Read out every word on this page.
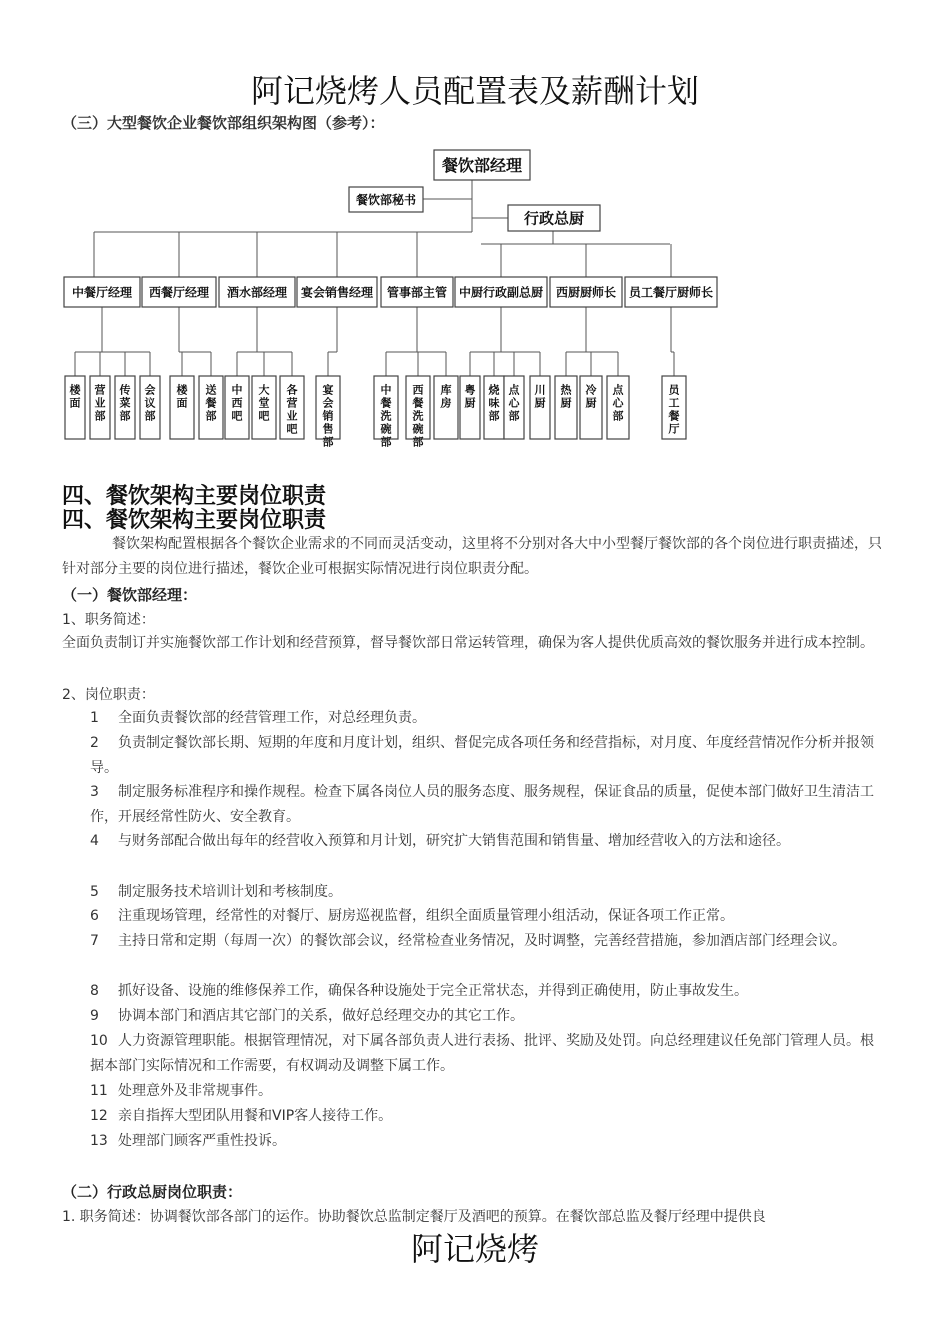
阿记烧烤人员配置表及薪酬计划
（三）大型餐饮企业餐饮部组织架构图（参考）：
餐饮部经理
餐饮部秘书
行政总厨
中餐厅经理 西餐厅经理 酒水部经理 宴会销售经理 管事部主管 中厨行政副总厨 西厨厨师长 员工餐厅厨师长
楼
面
营
业
部
传
菜
部
会
议
部
楼
面
送
餐
部
中
西
吧
大
堂
吧
各
营
业
吧
宴
会
销
售
部
中
餐
洗
碗
部
西
餐
洗
碗
部
库
房
粤
厨
烧
味
部
点
心
部
川
厨
热
厨
冷
厨
点
心
部
员
工
餐
厅
四、餐饮架构主要岗位职责
四、餐饮架构主要岗位职责
餐饮架构配置根据各个餐饮企业需求的不同而灵活变动，这里将不分别对各大中小型餐厅餐饮部的各个岗位进行职责描述，只针对部分主要的岗位进行描述，餐饮企业可根据实际情况进行岗位职责分配。
（一）餐饮部经理：
1、职务简述：
全面负责制订并实施餐饮部工作计划和经营预算，督导餐饮部日常运转管理，确保为客人提供优质高效的餐饮服务并进行成本控制。
2、岗位职责：
1 全面负责餐饮部的经营管理工作，对总经理负责。
2 负责制定餐饮部长期、短期的年度和月度计划，组织、督促完成各项任务和经营指标，对月度、年度经营情况作分析并报领导。
3 制定服务标准程序和操作规程。检查下属各岗位人员的服务态度、服务规程，保证食品的质量，促使本部门做好卫生清洁工作，开展经常性防火、安全教育。
4 与财务部配合做出每年的经营收入预算和月计划，研究扩大销售范围和销售量、增加经营收入的方法和途径。
5 制定服务技术培训计划和考核制度。
6 注重现场管理，经常性的对餐厅、厨房巡视监督，组织全面质量管理小组活动，保证各项工作正常。
7 主持日常和定期（每周一次）的餐饮部会议，经常检查业务情况，及时调整，完善经营措施，参加酒店部门经理会议。
8 抓好设备、设施的维修保养工作，确保各种设施处于完全正常状态，并得到正确使用，防止事故发生。
9 协调本部门和酒店其它部门的关系，做好总经理交办的其它工作。
10 人力资源管理职能。根据管理情况，对下属各部负责人进行表扬、批评、奖励及处罚。向总经理建议任免部门管理人员。根据本部门实际情况和工作需要，有权调动及调整下属工作。
11 处理意外及非常规事件。
12 亲自指挥大型团队用餐和VIP客人接待工作。
13 处理部门顾客严重性投诉。
（二）行政总厨岗位职责：
1. 职务简述：协调餐饮部各部门的运作。协助餐饮总监制定餐厅及酒吧的预算。在餐饮部总监及餐厅经理中提供良
阿记烧烤
